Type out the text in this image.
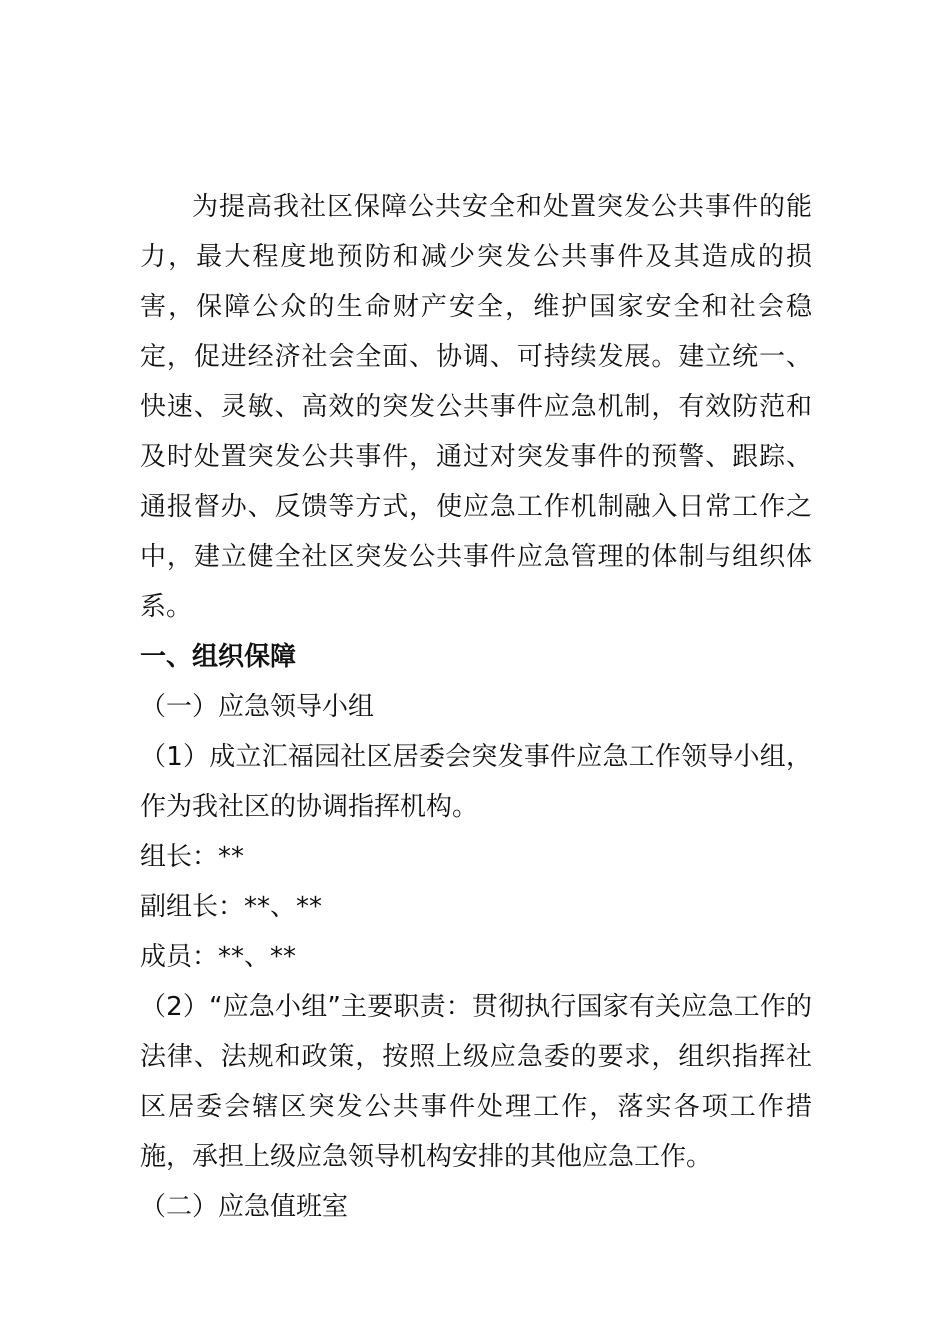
为提高我社区保障公共安全和处置突发公共事件的能力，最大程度地预防和减少突发公共事件及其造成的损害，保障公众的生命财产安全，维护国家安全和社会稳定，促进经济社会全面、协调、可持续发展。建立统一、快速、灵敏、高效的突发公共事件应急机制，有效防范和及时处置突发公共事件，通过对突发事件的预警、跟踪、通报督办、反馈等方式，使应急工作机制融入日常工作之中，建立健全社区突发公共事件应急管理的体制与组织体系。

一、组织保障

（一）应急领导小组

（1）成立汇福园社区居委会突发事件应急工作领导小组，作为我社区的协调指挥机构。

组长：**

副组长：**、**

成员：**、**

（2）“应急小组”主要职责：贯彻执行国家有关应急工作的法律、法规和政策，按照上级应急委的要求，组织指挥社区居委会辖区突发公共事件处理工作，落实各项工作措施，承担上级应急领导机构安排的其他应急工作。

（二）应急值班室
